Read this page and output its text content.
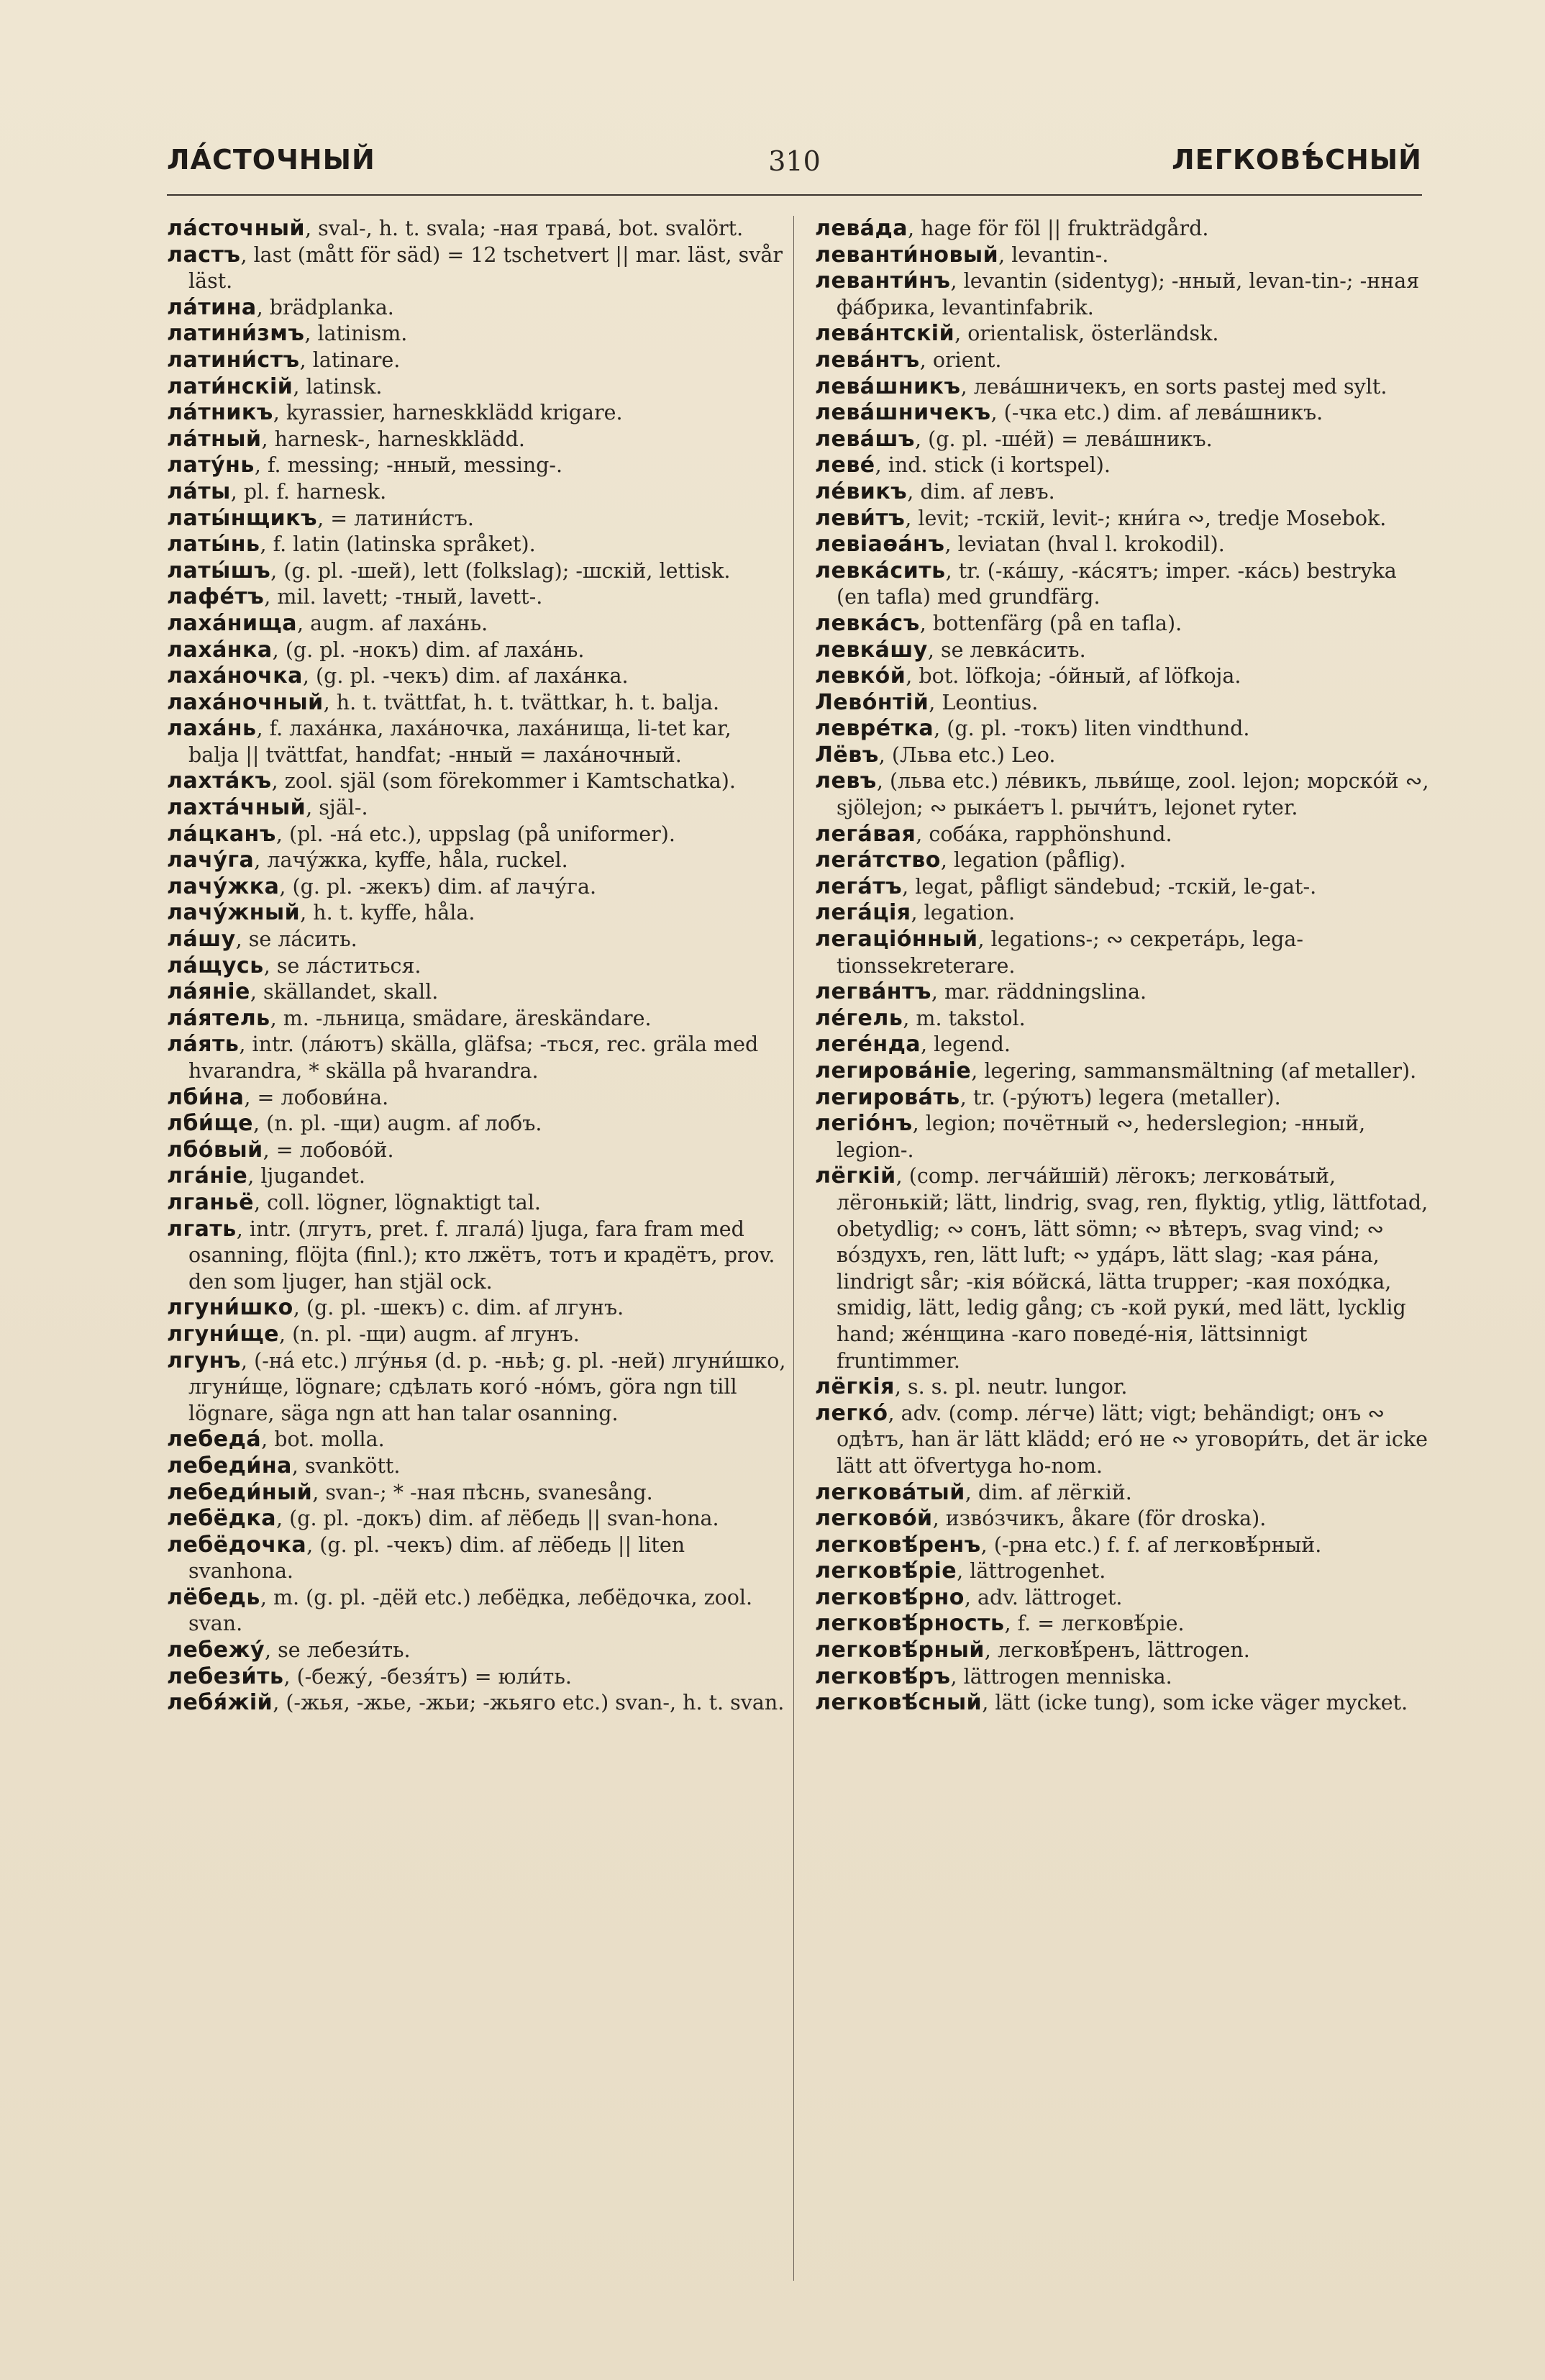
ЛА́СТОЧНЫЙ	310	ЛЕГКОВѢ́СНЫЙ
ла́сточный, sval-, h. t. svala; -ная трава́, bot. svalört.
ластъ, last (mått för säd) = 12 tschetvert || mar. läst, svår läst.
ла́тина, brädplanka.
латини́змъ, latinism.
латини́стъ, latinare.
лати́нскій, latinsk.
ла́тникъ, kyrassier, harneskklädd krigare.
ла́тный, harnesk-, harneskklädd.
лату́нь, f. messing; -нный, messing-.
ла́ты, pl. f. harnesk.
латы́нщикъ, = латини́стъ.
латы́нь, f. latin (latinska språket).
латы́шъ, (g. pl. -шей), lett (folkslag); -шскій, lettisk.
лафе́тъ, mil. lavett; -тный, lavett-.
лаха́нища, augm. af лаха́нь.
лаха́нка, (g. pl. -нокъ) dim. af лаха́нь.
лаха́ночка, (g. pl. -чекъ) dim. af лаха́нка.
лаха́ночный, h. t. tvättfat, h. t. tvättkar, h. t. balja.
лаха́нь, f. лаха́нка, лаха́ночка, лаха́нища, li-tet kar, balja || tvättfat, handfat; -нный = лаха́ночный.
лахта́къ, zool. själ (som förekommer i Kamtschatka).
лахта́чный, själ-.
ла́цканъ, (pl. -на́ etc.), uppslag (på uniformer).
лачу́га, лачу́жка, kyffe, håla, ruckel.
лачу́жка, (g. pl. -жекъ) dim. af лачу́га.
лачу́жный, h. t. kyffe, håla.
ла́шу, se ла́сить.
ла́щусь, se ла́ститься.
ла́яніе, skällandet, skall.
ла́ятель, m. -льница, smädare, äreskändare.
ла́ять, intr. (ла́ютъ) skälla, gläfsa; -ться, rec. gräla med hvarandra, * skälla på hvarandra.
лби́на, = лобови́на.
лби́ще, (n. pl. -щи) augm. af лобъ.
лбо́вый, = лобово́й.
лга́ніе, ljugandet.
лганьё, coll. lögner, lögnaktigt tal.
лгать, intr. (лгутъ, pret. f. лгала́) ljuga, fara fram med osanning, flöjta (finl.); кто лжётъ, тотъ и крадётъ, prov. den som ljuger, han stjäl ock.
лгуни́шко, (g. pl. -шекъ) c. dim. af лгунъ.
лгуни́ще, (n. pl. -щи) augm. af лгунъ.
лгунъ, (-на́ etc.) лгу́нья (d. p. -ньѣ; g. pl. -ней) лгуни́шко, лгуни́ще, lögnare; сдѣлать кого́ -но́мъ, göra ngn till lögnare, säga ngn att han talar osanning.
лебеда́, bot. molla.
лебеди́на, svankött.
лебеди́ный, svan-; * -ная пѣснь, svanesång.
лебёдка, (g. pl. -докъ) dim. af лёбедь || svan-hona.
лебёдочка, (g. pl. -чекъ) dim. af лёбедь || liten svanhona.
лёбедь, m. (g. pl. -дёй etc.) лебёдка, лебёдочка, zool. svan.
лебежу́, se лебези́ть.
лебези́ть, (-бежу́, -безя́тъ) = юли́ть.
лебя́жій, (-жья, -жье, -жьи; -жьяго etc.) svan-, h. t. svan.
лева́да, hage för föl || frukträdgård.
леванти́новый, levantin-.
леванти́нъ, levantin (sidentyg); -нный, levan-tin-; -нная фа́брика, levantinfabrik.
лева́нтскій, orientalisk, österländsk.
лева́нтъ, orient.
лева́шникъ, лева́шничекъ, en sorts pastej med sylt.
лева́шничекъ, (-чка etc.) dim. af лева́шникъ.
лева́шъ, (g. pl. -ше́й) = лева́шникъ.
леве́, ind. stick (i kortspel).
ле́викъ, dim. af левъ.
леви́тъ, levit; -тскій, levit-; кни́га ∾, tredje Mosebok.
левіаѳа́нъ, leviatan (hval l. krokodil).
левка́сить, tr. (-ка́шу, -ка́сятъ; imper. -ка́сь) bestryka (en tafla) med grundfärg.
левка́съ, bottenfärg (på en tafla).
левка́шу, se левка́сить.
левко́й, bot. löfkoja; -о́йный, af löfkoja.
Лево́нтій, Leontius.
левре́тка, (g. pl. -токъ) liten vindthund.
Лёвъ, (Льва etc.) Leo.
левъ, (льва etc.) ле́викъ, льви́ще, zool. lejon; морско́й ∾, sjölejon; ∾ рыка́етъ l. рычи́тъ, lejonet ryter.
лега́вая, соба́ка, rapphönshund.
лега́тство, legation (påflig).
лега́тъ, legat, påfligt sändebud; -тскій, le-gat-.
лега́ція, legation.
легаціо́нный, legations-; ∾ секрета́рь, lega-tionssekreterare.
легва́нтъ, mar. räddningslina.
ле́гель, m. takstol.
леге́нда, legend.
легирова́ніе, legering, sammansmältning (af metaller).
легирова́ть, tr. (-ру́ютъ) legera (metaller).
легіо́нъ, legion; почётный ∾, hederslegion; -нный, legion-.
лёгкій, (comp. легча́йшій) лёгокъ; легкова́тый, лёгонькій; lätt, lindrig, svag, ren, flyktig, ytlig, lättfotad, obetydlig; ∾ сонъ, lätt sömn; ∾ вѣтеръ, svag vind; ∾ во́здухъ, ren, lätt luft; ∾ уда́ръ, lätt slag; -кая ра́на, lindrigt sår; -кія во́йска́, lätta trupper; -кая похо́дка, smidig, lätt, ledig gång; съ -кой руки́, med lätt, lycklig hand; же́нщина -каго поведе́-нія, lättsinnigt fruntimmer.
лёгкія, s. s. pl. neutr. lungor.
легко́, adv. (comp. ле́гче) lätt; vigt; behändigt; онъ ∾ одѣтъ, han är lätt klädd; его́ не ∾ уговори́ть, det är icke lätt att öfvertyga ho-nom.
легкова́тый, dim. af лёгкій.
легково́й, изво́зчикъ, åkare (för droska).
легковѣ́ренъ, (-рна etc.) f. f. af легковѣ́рный.
легковѣ́ріе, lättrogenhet.
легковѣ́рно, adv. lättroget.
легковѣ́рность, f. = легковѣ́ріе.
легковѣ́рный, легковѣ́ренъ, lättrogen.
легковѣ́ръ, lättrogen menniska.
легковѣ́сный, lätt (icke tung), som icke väger mycket.
